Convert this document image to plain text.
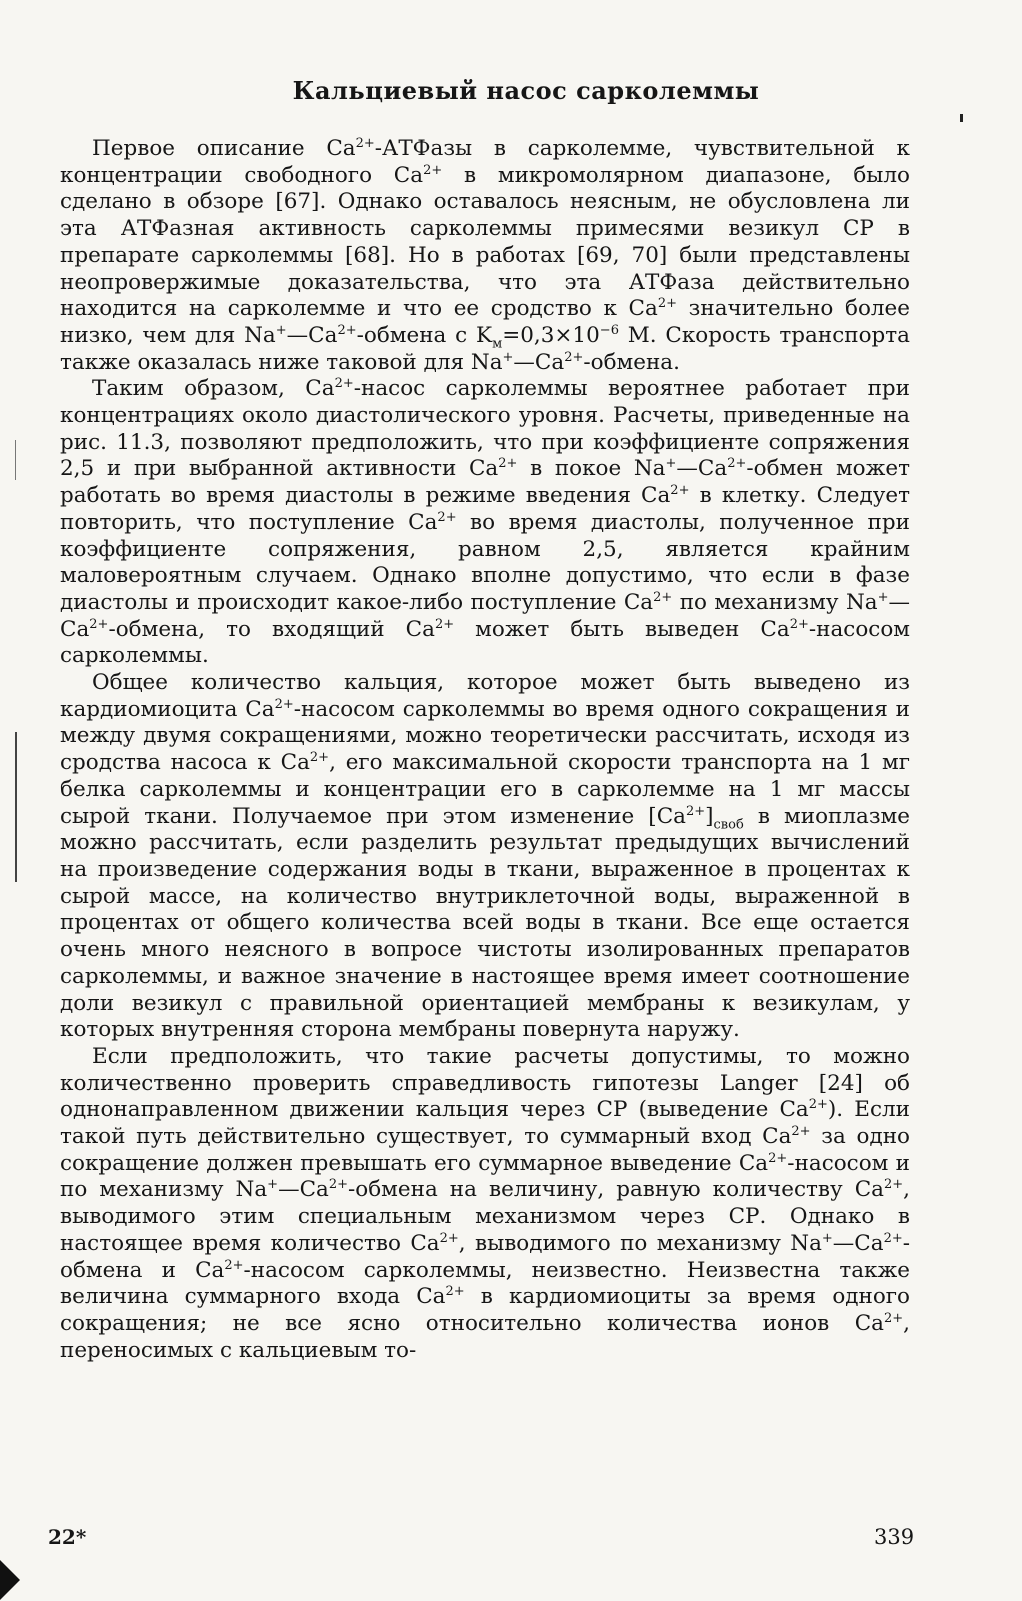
Кальциевый насос сарколеммы

Первое описание $Ca^{2+}$-АТФазы в сарколемме, чувствительной к концентрации свободного $Ca^{2+}$ в микромолярном диапазоне, было сделано в обзоре [67]. Однако оставалось неясным, не обусловлена ли эта АТФазная активность сарколеммы примесями везикул СР в препарате сарколеммы [68]. Но в работах [69, 70] были представлены неопровержимые доказательства, что эта АТФаза действительно находится на сарколемме и что ее сродство к $Ca^{2+}$ значительно более низко, чем для $Na^+—Ca^{2+}$-обмена с $K_м=0,3\times 10^{-6}$ M. Скорость транспорта также оказалась ниже таковой для $Na^+—Ca^{2+}$-обмена.

Таким образом, $Ca^{2+}$-насос сарколеммы вероятнее работает при концентрациях около диастолического уровня. Расчеты, приведенные на рис. 11.3, позволяют предположить, что при коэффициенте сопряжения 2,5 и при выбранной активности $Ca^{2+}$ в покое $Na^+—Ca^{2+}$-обмен может работать во время диастолы в режиме введения $Ca^{2+}$ в клетку. Следует повторить, что поступление $Ca^{2+}$ во время диастолы, полученное при коэффициенте сопряжения, равном 2,5, является крайним маловероятным случаем. Однако вполне допустимо, что если в фазе диастолы и происходит какое-либо поступление $Ca^{2+}$ по механизму $Na^+—Ca^{2+}$-обмена, то входящий $Ca^{2+}$ может быть выведен $Ca^{2+}$-насосом сарколеммы.

Общее количество кальция, которое может быть выведено из кардиомиоцита $Ca^{2+}$-насосом сарколеммы во время одного сокращения и между двумя сокращениями, можно теоретически рассчитать, исходя из сродства насоса к $Ca^{2+}$, его максимальной скорости транспорта на 1 мг белка сарколеммы и концентрации его в сарколемме на 1 мг массы сырой ткани. Получаемое при этом изменение $[Ca^{2+}]_{своб}$ в миоплазме можно рассчитать, если разделить результат предыдущих вычислений на произведение содержания воды в ткани, выраженное в процентах к сырой массе, на количество внутриклеточной воды, выраженной в процентах от общего количества всей воды в ткани. Все еще остается очень много неясного в вопросе чистоты изолированных препаратов сарколеммы, и важное значение в настоящее время имеет соотношение доли везикул с правильной ориентацией мембраны к везикулам, у которых внутренняя сторона мембраны повернута наружу.

Если предположить, что такие расчеты допустимы, то можно количественно проверить справедливость гипотезы Langer [24] об однонаправленном движении кальция через СР (выведение $Ca^{2+}$). Если такой путь действительно существует, то суммарный вход $Ca^{2+}$ за одно сокращение должен превышать его суммарное выведение $Ca^{2+}$-насосом и по механизму $Na^+—Ca^{2+}$-обмена на величину, равную количеству $Ca^{2+}$, выводимого этим специальным механизмом через СР. Однако в настоящее время количество $Ca^{2+}$, выводимого по механизму $Na^+—Ca^{2+}$-обмена и $Ca^{2+}$-насосом сарколеммы, неизвестно. Неизвестна также величина суммарного входа $Ca^{2+}$ в кардиомиоциты за время одного сокращения; не все ясно относительно количества ионов $Ca^{2+}$, переносимых с кальциевым то-

22*	339
